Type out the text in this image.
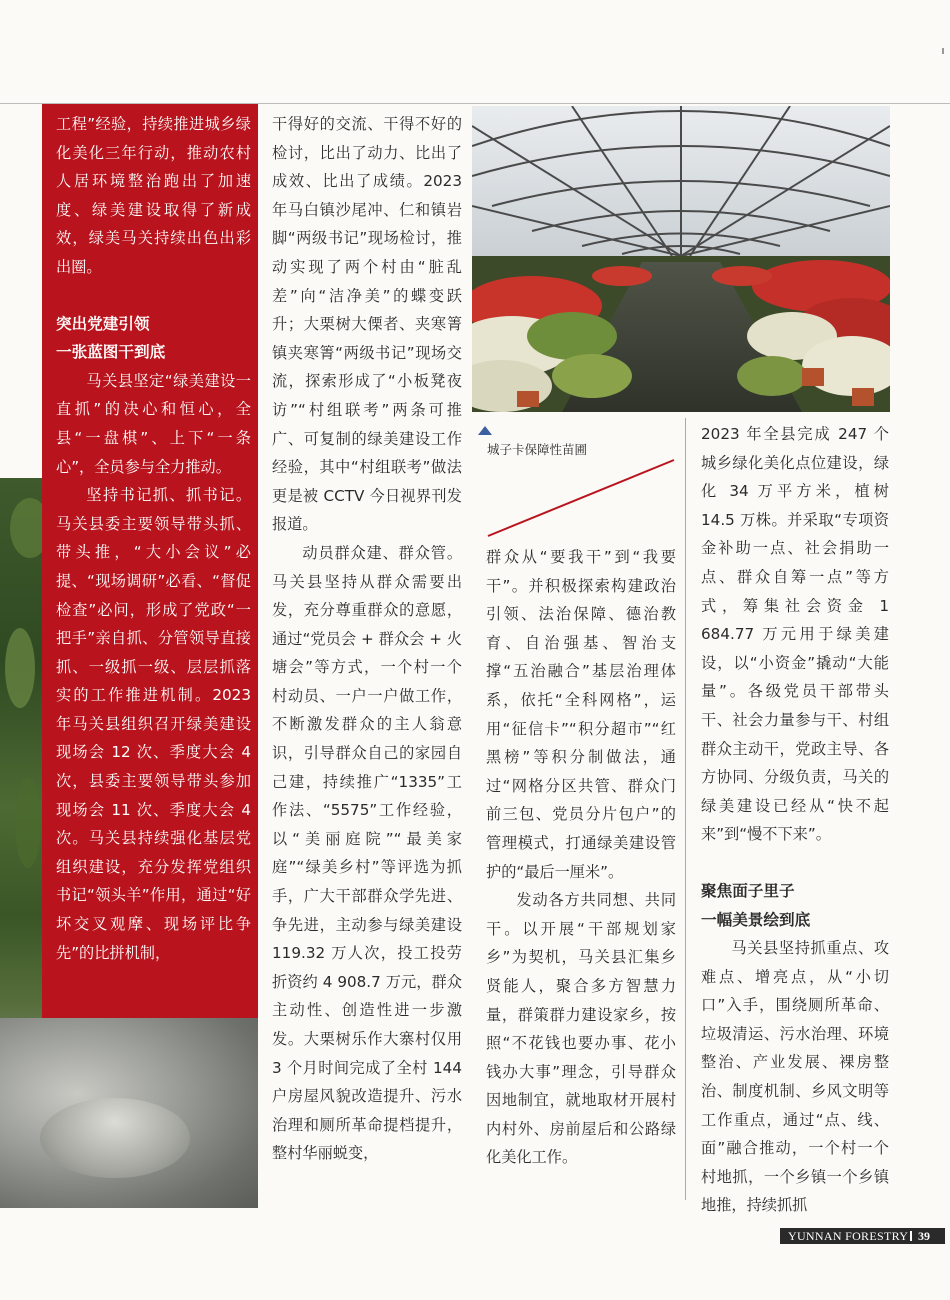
工程”经验，持续推进城乡绿化美化三年行动，推动农村人居环境整治跑出了加速度、绿美建设取得了新成效，绿美马关持续出色出彩出圈。

突出党建引领
一张蓝图干到底

马关县坚定“绿美建设一直抓”的决心和恒心，全县“一盘棋”、上下“一条心”，全员参与全力推动。

坚持书记抓、抓书记。马关县委主要领导带头抓、带头推，“大小会议”必提、“现场调研”必看、“督促检查”必问，形成了党政“一把手”亲自抓、分管领导直接抓、一级抓一级、层层抓落实的工作推进机制。2023 年马关县组织召开绿美建设现场会 12 次、季度大会 4 次，县委主要领导带头参加现场会 11 次、季度大会 4 次。马关县持续强化基层党组织建设，充分发挥党组织书记“领头羊”作用，通过“好坏交叉观摩、现场评比争先”的比拼机制，

干得好的交流、干得不好的检讨，比出了动力、比出了成效、比出了成绩。2023 年马白镇沙尾冲、仁和镇岩脚“两级书记”现场检讨，推动实现了两个村由“脏乱差”向“洁净美”的蝶变跃升；大栗树大傈者、夹寒箐镇夹寒箐“两级书记”现场交流，探索形成了“小板凳夜访”“村组联考”两条可推广、可复制的绿美建设工作经验，其中“村组联考”做法更是被 CCTV 今日视界刊发报道。

动员群众建、群众管。马关县坚持从群众需要出发，充分尊重群众的意愿，通过“党员会 + 群众会 + 火塘会”等方式，一个村一个村动员、一户一户做工作，不断激发群众的主人翁意识，引导群众自己的家园自己建，持续推广“1335”工作法、“5575”工作经验，以“美丽庭院”“最美家庭”“绿美乡村”等评选为抓手，广大干部群众学先进、争先进，主动参与绿美建设 119.32 万人次，投工投劳折资约 4 908.7 万元，群众主动性、创造性进一步激发。大栗树乐作大寨村仅用 3 个月时间完成了全村 144 户房屋风貌改造提升、污水治理和厕所革命提档提升，整村华丽蜕变，

城子卡保障性苗圃

群众从“要我干”到“我要干”。并积极探索构建政治引领、法治保障、德治教育、自治强基、智治支撑“五治融合”基层治理体系，依托“全科网格”，运用“征信卡”“积分超市”“红黑榜”等积分制做法，通过“网格分区共管、群众门前三包、党员分片包户”的管理模式，打通绿美建设管护的“最后一厘米”。

发动各方共同想、共同干。以开展“干部规划家乡”为契机，马关县汇集乡贤能人，聚合多方智慧力量，群策群力建设家乡，按照“不花钱也要办事、花小钱办大事”理念，引导群众因地制宜，就地取材开展村内村外、房前屋后和公路绿化美化工作。

2023 年全县完成 247 个城乡绿化美化点位建设，绿化 34 万平方米，植树 14.5 万株。并采取“专项资金补助一点、社会捐助一点、群众自筹一点”等方式，筹集社会资金 1 684.77 万元用于绿美建设，以“小资金”撬动“大能量”。各级党员干部带头干、社会力量参与干、村组群众主动干，党政主导、各方协同、分级负责，马关的绿美建设已经从“快不起来”到“慢不下来”。

聚焦面子里子
一幅美景绘到底

马关县坚持抓重点、攻难点、增亮点，从“小切口”入手，围绕厕所革命、垃圾清运、污水治理、环境整治、产业发展、裸房整治、制度机制、乡风文明等工作重点，通过“点、线、面”融合推动，一个村一个村地抓，一个乡镇一个乡镇地推，持续抓抓

YUNNAN FORESTRY 39
